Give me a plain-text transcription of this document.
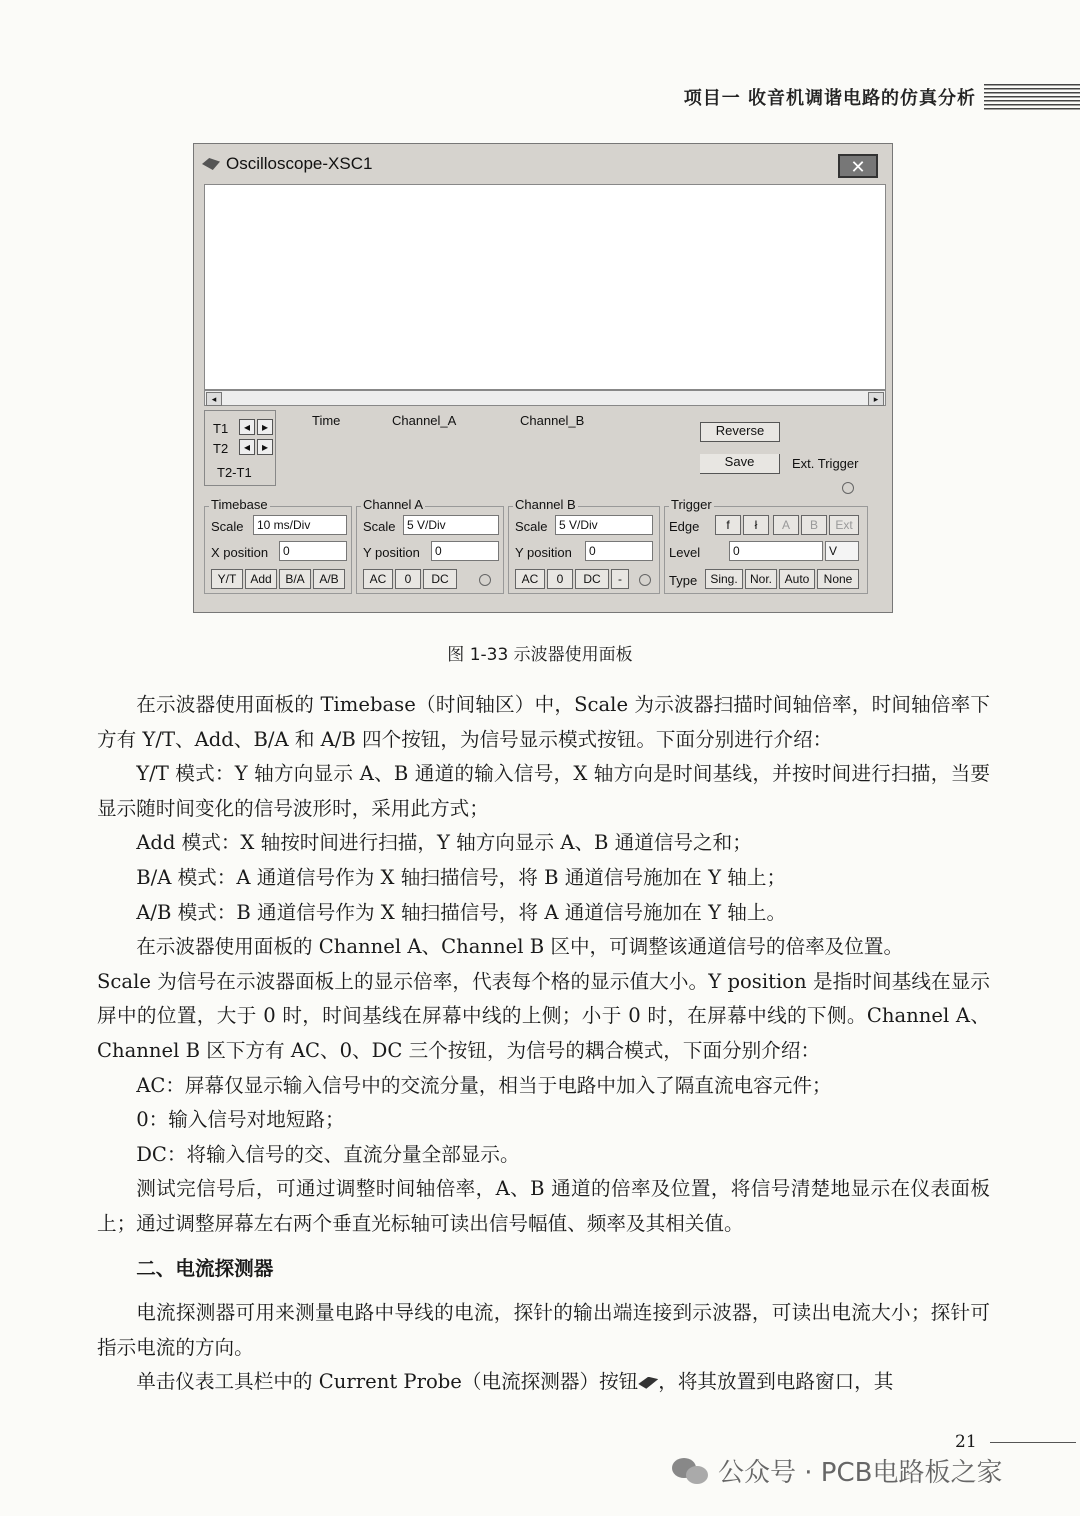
项目一 收音机调谐电路的仿真分析
Oscilloscope-XSC1	✕
◂	▸
T1	◂ ▸
T2	◂ ▸
T2-T1
Time	Channel_A	Channel_B
Reverse
Save	Ext. Trigger
Timebase
Scale	10 ms/Div
X position	0
Y/T	Add	B/A	A/B
Channel A
Scale 5 V/Div
Y position	0
AC	0	DC
Channel B
Scale 5 V/Div
Y position	0
AC	0	DC	-
Trigger
Edge	f	ł	A	B	Ext
Level	0	V
Type	Sing.	Nor.	Auto	None
图 1-33 示波器使用面板

在示波器使用面板的 Timebase（时间轴区）中，Scale 为示波器扫描时间轴倍率，时间轴倍率下方有 Y/T、Add、B/A 和 A/B 四个按钮，为信号显示模式按钮。下面分别进行介绍：

Y/T 模式：Y 轴方向显示 A、B 通道的输入信号，X 轴方向是时间基线，并按时间进行扫描，当要显示随时间变化的信号波形时，采用此方式；

Add 模式：X 轴按时间进行扫描，Y 轴方向显示 A、B 通道信号之和；

B/A 模式：A 通道信号作为 X 轴扫描信号，将 B 通道信号施加在 Y 轴上；

A/B 模式：B 通道信号作为 X 轴扫描信号，将 A 通道信号施加在 Y 轴上。

在示波器使用面板的 Channel A、Channel B 区中，可调整该通道信号的倍率及位置。

Scale 为信号在示波器面板上的显示倍率，代表每个格的显示值大小。Y position 是指时间基线在显示屏中的位置，大于 0 时，时间基线在屏幕中线的上侧；小于 0 时，在屏幕中线的下侧。Channel A、Channel B 区下方有 AC、0、DC 三个按钮，为信号的耦合模式，下面分别介绍：

AC：屏幕仅显示输入信号中的交流分量，相当于电路中加入了隔直流电容元件；

0：输入信号对地短路；

DC：将输入信号的交、直流分量全部显示。

测试完信号后，可通过调整时间轴倍率，A、B 通道的倍率及位置，将信号清楚地显示在仪表面板上；通过调整屏幕左右两个垂直光标轴可读出信号幅值、频率及其相关值。

二、电流探测器

电流探测器可用来测量电路中导线的电流，探针的输出端连接到示波器，可读出电流大小；探针可指示电流的方向。

单击仪表工具栏中的 Current Probe（电流探测器）按钮 ，将其放置到电路窗口，其

21
公众号 · PCB电路板之家
